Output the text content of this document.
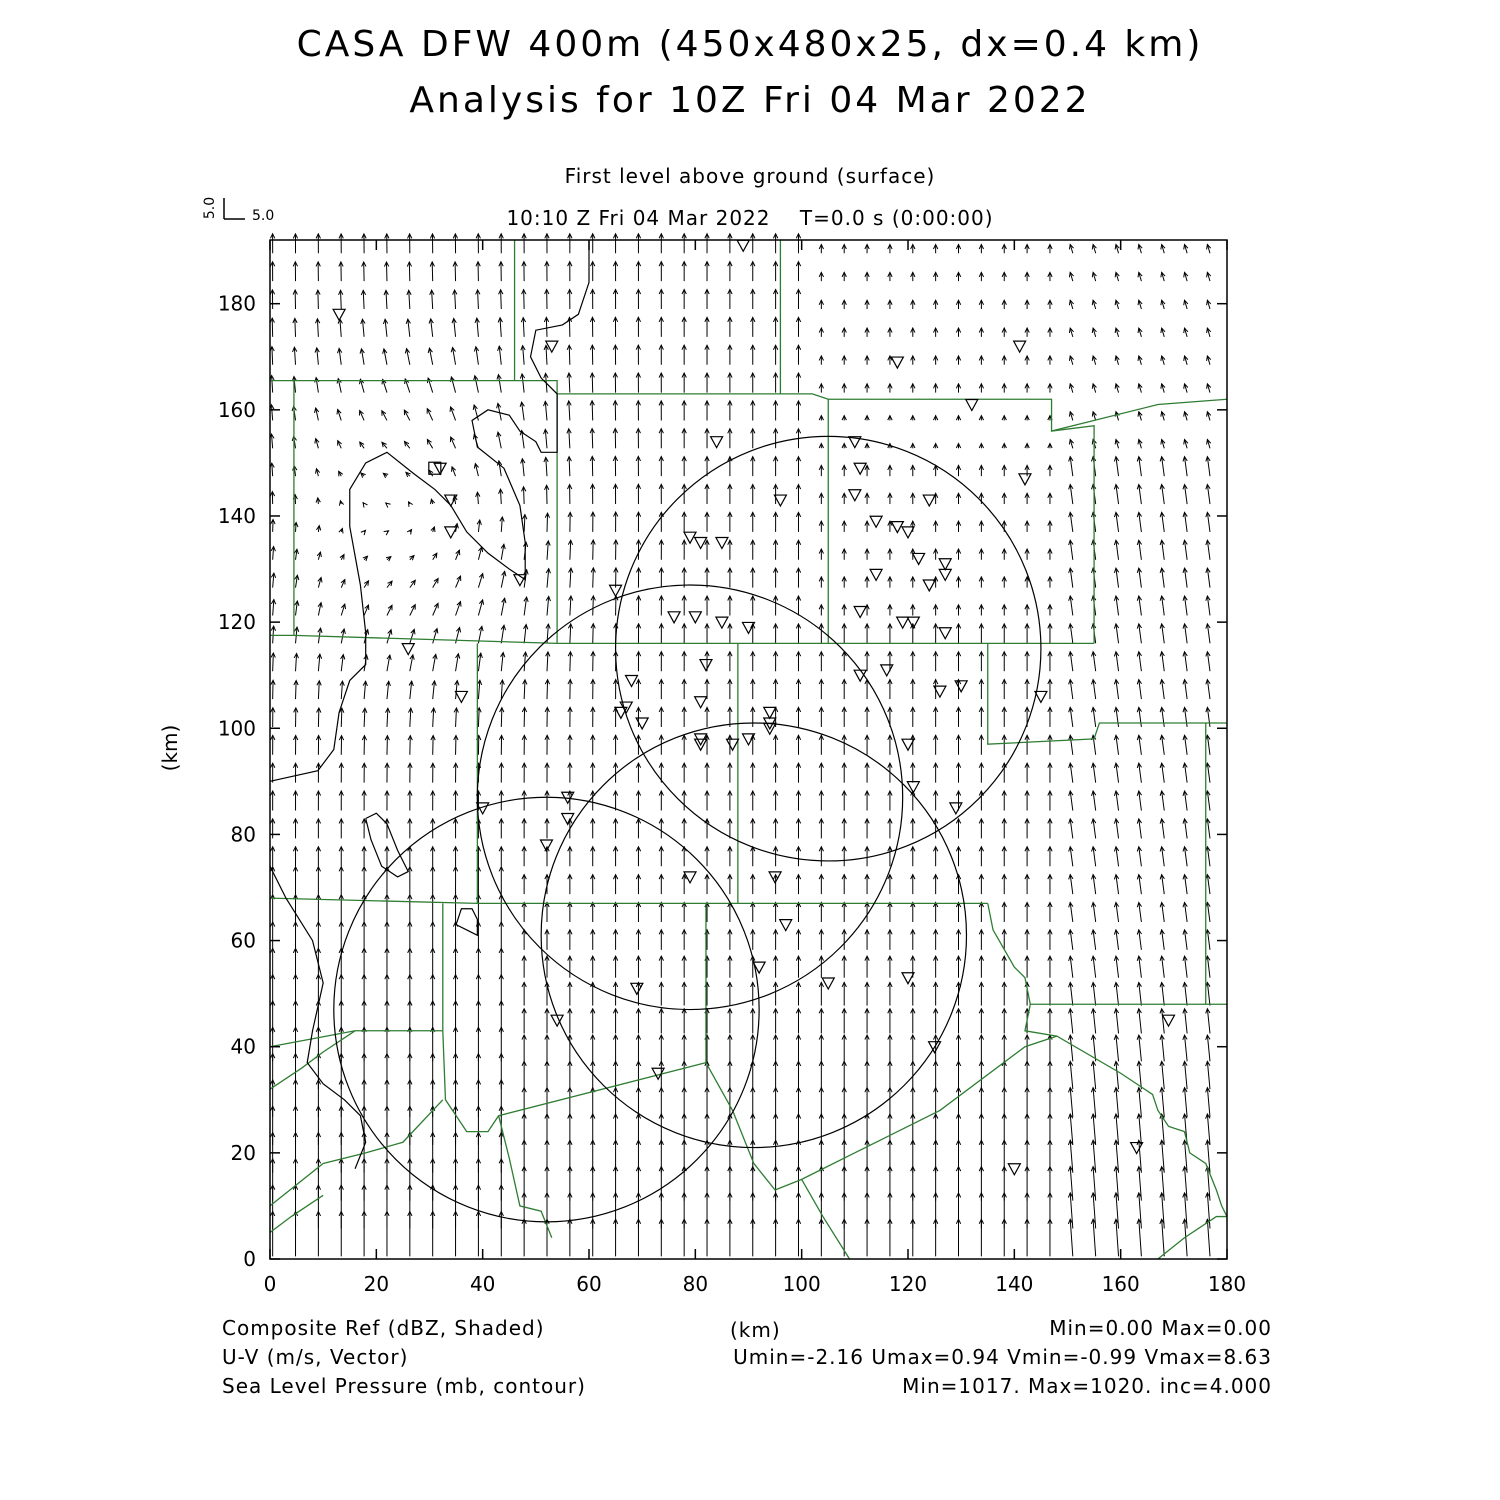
CASA DFW 400m (450x480x25, dx=0.4 km)
Analysis for 10Z Fri 04 Mar 2022
First level above ground (surface)
10:10 Z Fri 04 Mar 2022    T=0.0 s (0:00:00)
0	20	40	60	80	100	120	140	160	180
0
20
40
60
80
100
120
140
160
180
(km)
5.0 5.0
Composite Ref (dBZ, Shaded)
U-V (m/s, Vector)
Sea Level Pressure (mb, contour)
(km)	Min=0.00 Max=0.00
Umin=-2.16 Umax=0.94 Vmin=-0.99 Vmax=8.63
Min=1017. Max=1020. inc=4.000
